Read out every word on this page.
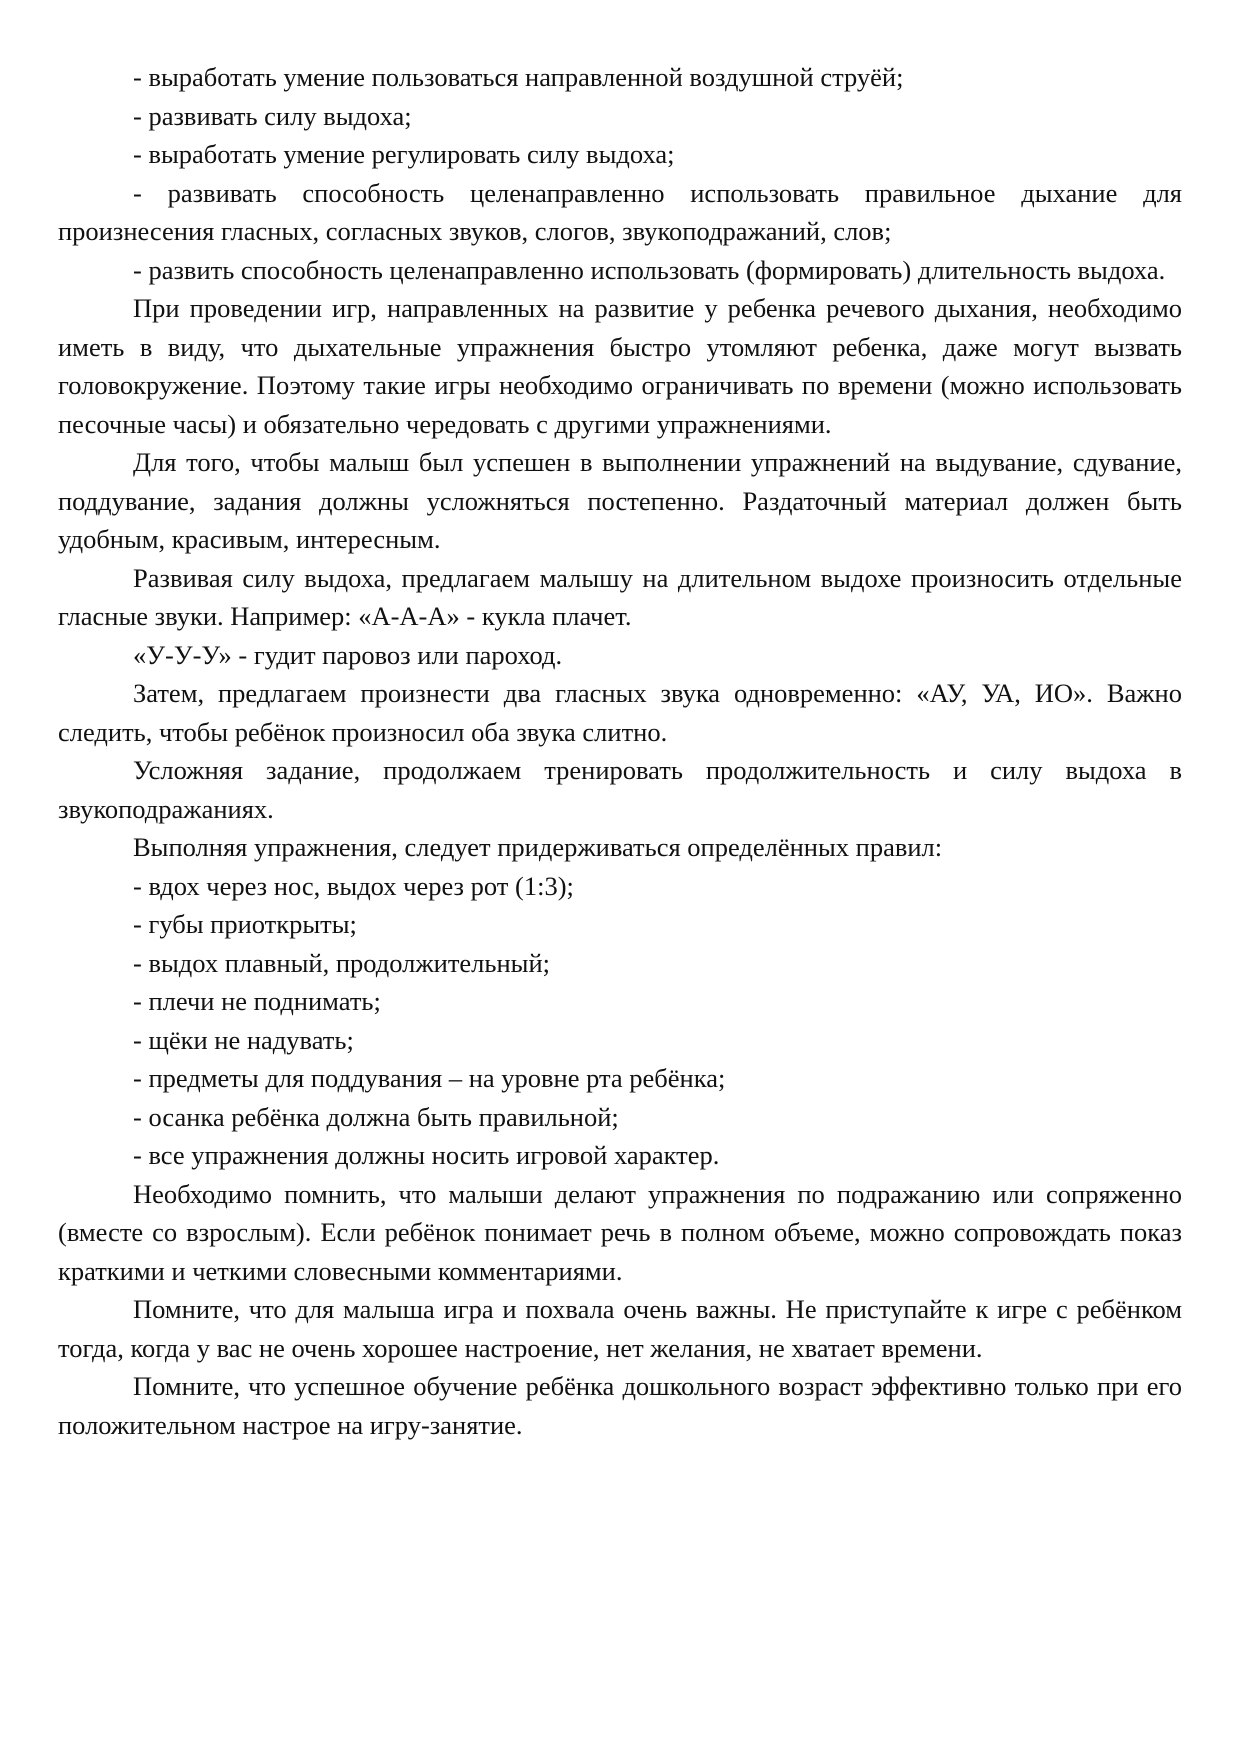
- выработать умение пользоваться направленной воздушной струёй;

- развивать силу выдоха;

- выработать умение регулировать силу выдоха;

- развивать способность целенаправленно использовать правильное дыхание для произнесения гласных, согласных звуков, слогов, звукоподражаний, слов;

- развить способность целенаправленно использовать (формировать) длительность выдоха.

При проведении игр, направленных на развитие у ребенка речевого дыхания, необходимо иметь в виду, что дыхательные упражнения быстро утомляют ребенка, даже могут вызвать головокружение. Поэтому такие игры необходимо ограничивать по времени (можно использовать песочные часы) и обязательно чередовать с другими упражнениями.

Для того, чтобы малыш был успешен в выполнении упражнений на выдувание, сдувание, поддувание, задания должны усложняться постепенно. Раздаточный материал должен быть удобным, красивым, интересным.

Развивая силу выдоха, предлагаем малышу на длительном выдохе произносить отдельные гласные звуки. Например: «А-А-А» - кукла плачет.

«У-У-У» - гудит паровоз или пароход.

Затем, предлагаем произнести два гласных звука одновременно: «АУ, УА, ИО». Важно следить, чтобы ребёнок произносил оба звука слитно.

Усложняя задание, продолжаем тренировать продолжительность и силу выдоха в звукоподражаниях.

Выполняя упражнения, следует придерживаться определённых правил:

- вдох через нос, выдох через рот (1:3);

- губы приоткрыты;

- выдох плавный, продолжительный;

- плечи не поднимать;

- щёки не надувать;

- предметы для поддувания – на уровне рта ребёнка;

- осанка ребёнка должна быть правильной;

- все упражнения должны носить игровой характер.

Необходимо помнить, что малыши делают упражнения по подражанию или сопряженно (вместе со взрослым). Если ребёнок понимает речь в полном объеме, можно сопровождать показ краткими и четкими словесными комментариями.

Помните, что для малыша игра и похвала очень важны. Не приступайте к игре с ребёнком тогда, когда у вас не очень хорошее настроение, нет желания, не хватает времени.

Помните, что успешное обучение ребёнка дошкольного возраст эффективно только при его положительном настрое на игру-занятие.
